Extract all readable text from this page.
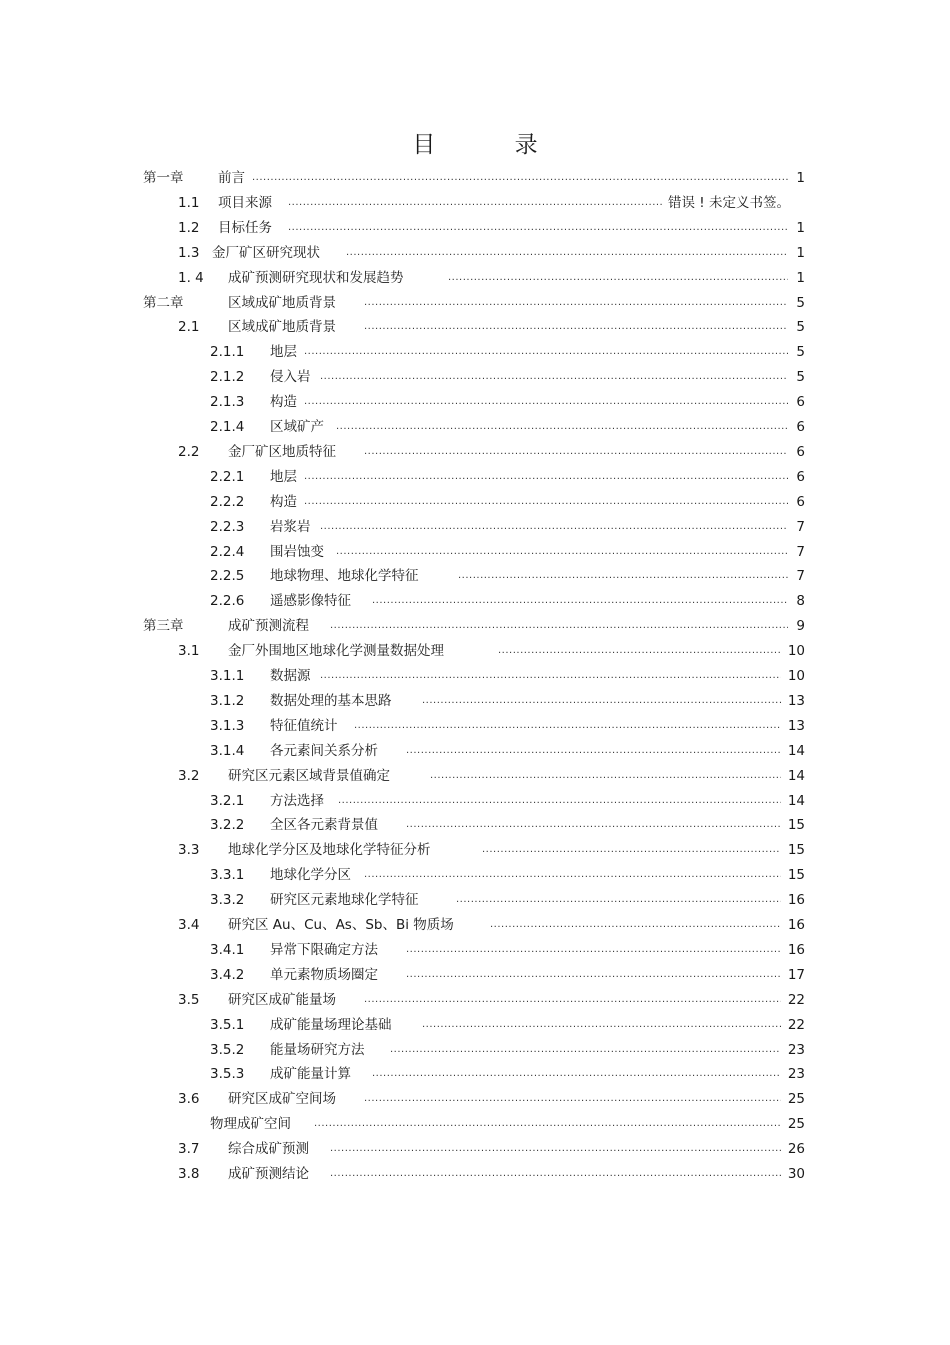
目 录
第一章	前言 .....	1
1.1 项目来源 .....	错误 ! 未定义书签。
1.2 目标任务 .....	1
1.3 金厂矿区研究现状 .....	1
1. 4 成矿预测研究现状和发展趋势 .....	1
第二章	区域成矿地质背景 .....	5
2.1 区域成矿地质背景 .....	5
2.1.1 地层 .....	5
2.1.2 侵入岩 .....	5
2.1.3 构造 .....	6
2.1.4 区域矿产 .....	6
2.2 金厂矿区地质特征 .....	6
2.2.1 地层 .....	6
2.2.2 构造 .....	6
2.2.3 岩浆岩 .....	7
2.2.4 围岩蚀变 .....	7
2.2.5 地球物理、地球化学特征 .....	7
2.2.6 遥感影像特征 .....	8
第三章	成矿预测流程 .....	9
3.1 金厂外围地区地球化学测量数据处理 .....	10
3.1.1 数据源 .....	10
3.1.2 数据处理的基本思路 .....	13
3.1.3 特征值统计 .....	13
3.1.4 各元素间关系分析 .....	14
3.2 研究区元素区域背景值确定 .....	14
3.2.1 方法选择 .....	14
3.2.2 全区各元素背景值 .....	15
3.3 地球化学分区及地球化学特征分析 .....	15
3.3.1 地球化学分区 .....	15
3.3.2 研究区元素地球化学特征 .....	16
3.4 研究区 Au、Cu、As、Sb、Bi 物质场 .....	16
3.4.1 异常下限确定方法 .....	16
3.4.2 单元素物质场圈定 .....	17
3.5 研究区成矿能量场 .....	22
3.5.1 成矿能量场理论基础 .....	22
3.5.2 能量场研究方法 .....	23
3.5.3 成矿能量计算 .....	23
3.6 研究区成矿空间场 .....	25
物理成矿空间 .....	25
3.7 综合成矿预测 .....	26
3.8 成矿预测结论 .....	30
